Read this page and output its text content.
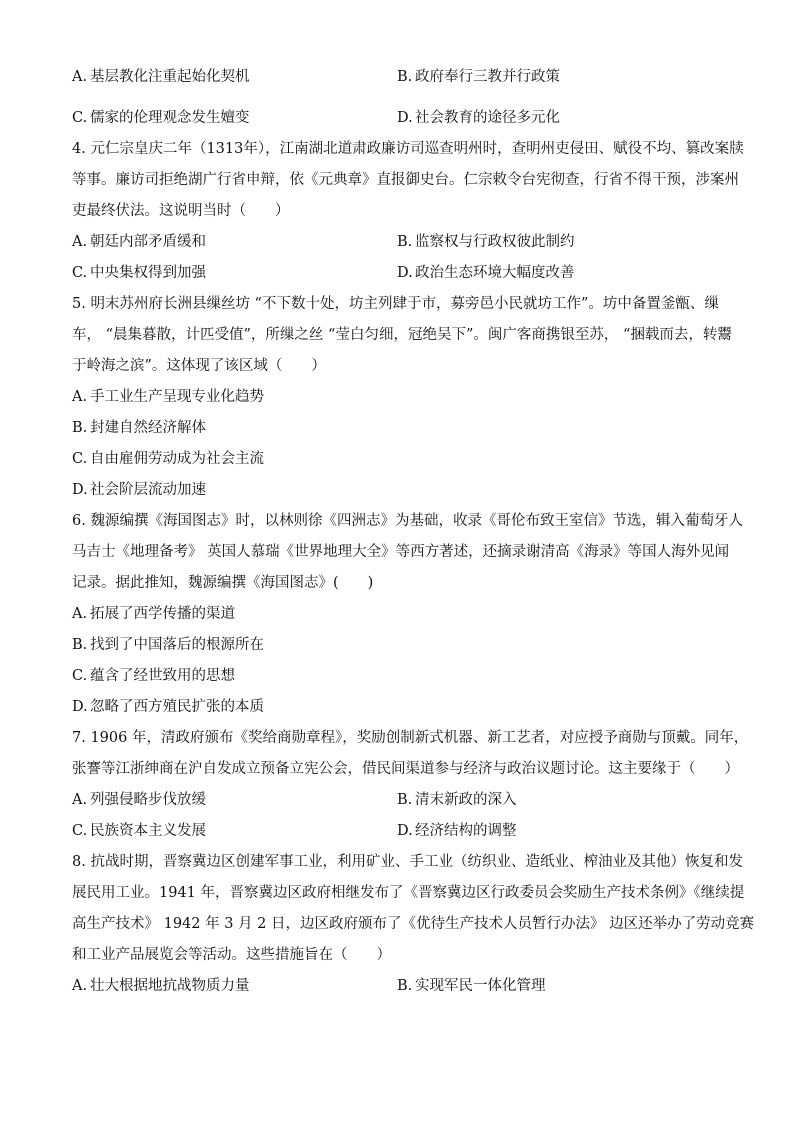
A. 基层教化注重起始化契机	B. 政府奉行三教并行政策
C. 儒家的伦理观念发生嬗变	D. 社会教育的途径多元化
4. 元仁宗皇庆二年（1313年），江南湖北道肃政廉访司巡查明州时，查明州吏侵田、赋役不均、篡改案牍
等事。廉访司拒绝湖广行省申辩，依《元典章》直报御史台。仁宗敕令台宪彻查，行省不得干预，涉案州
吏最终伏法。这说明当时（　　）
A. 朝廷内部矛盾缓和	B. 监察权与行政权彼此制约
C. 中央集权得到加强	D. 政治生态环境大幅度改善
5. 明末苏州府长洲县缫丝坊 “不下数十处，坊主列肆于市，募旁邑小民就坊工作”。坊中备置釜甑、缫
车， “晨集暮散，计匹受值”，所缫之丝 “莹白匀细，冠绝吴下”。闽广客商携银至苏， “捆载而去，转鬻
于岭海之滨”。这体现了该区域（　　）
A. 手工业生产呈现专业化趋势
B. 封建自然经济解体
C. 自由雇佣劳动成为社会主流
D. 社会阶层流动加速
6. 魏源编撰《海国图志》时，以林则徐《四洲志》为基础，收录《哥伦布致王室信》节选，辑入葡萄牙人
马吉士《地理备考》 英国人慕瑞《世界地理大全》等西方著述，还摘录谢清高《海录》等国人海外见闻
记录。据此推知，魏源编撰《海国图志》(　　)
A. 拓展了西学传播的渠道
B. 找到了中国落后的根源所在
C. 蕴含了经世致用的思想
D. 忽略了西方殖民扩张的本质
7. 1906 年，清政府颁布《奖给商勋章程》，奖励创制新式机器、新工艺者，对应授予商勋与顶戴。同年，
张謇等江浙绅商在沪自发成立预备立宪公会，借民间渠道参与经济与政治议题讨论。这主要缘于（　　）
A. 列强侵略步伐放缓	B. 清末新政的深入
C. 民族资本主义发展	D. 经济结构的调整
8. 抗战时期，晋察冀边区创建军事工业，利用矿业、手工业（纺织业、造纸业、榨油业及其他）恢复和发
展民用工业。1941 年，晋察冀边区政府相继发布了《晋察冀边区行政委员会奖励生产技术条例》《继续提
高生产技术》 1942 年 3 月 2 日，边区政府颁布了《优待生产技术人员暂行办法》 边区还举办了劳动竞赛
和工业产品展览会等活动。这些措施旨在（　　）
A. 壮大根据地抗战物质力量	B. 实现军民一体化管理
